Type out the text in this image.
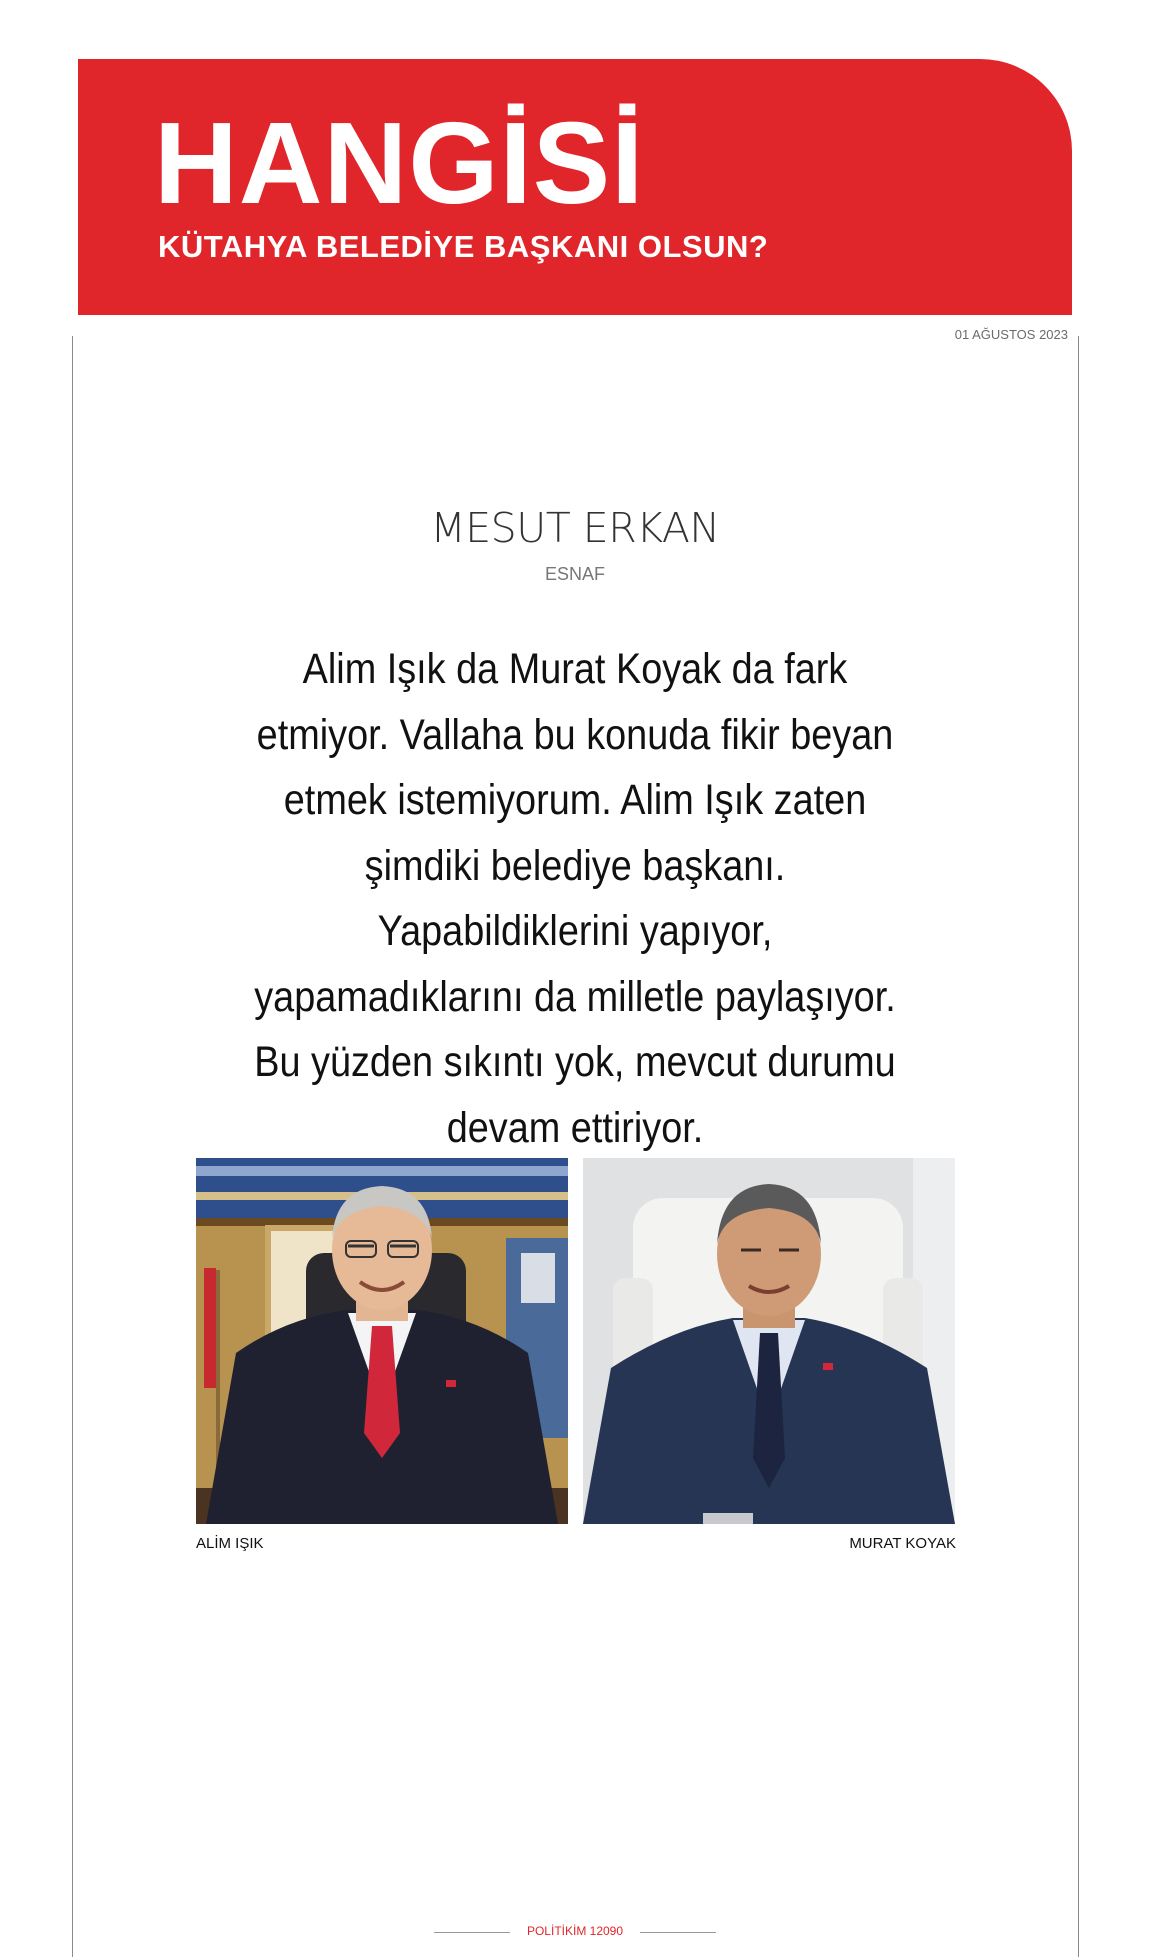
HANGİSİ
KÜTAHYA BELEDİYE BAŞKANI OLSUN?
01 AĞUSTOS 2023
MESUT ERKAN
ESNAF

Alim Işık da Murat Koyak da fark etmiyor. Vallaha bu konuda fikir beyan etmek istemiyorum. Alim Işık zaten şimdiki belediye başkanı. Yapabildiklerini yapıyor, yapamadıklarını da milletle paylaşıyor. Bu yüzden sıkıntı yok, mevcut durumu devam ettiriyor.

ALİM IŞIK	MURAT KOYAK
POLİTİKİM 12090
